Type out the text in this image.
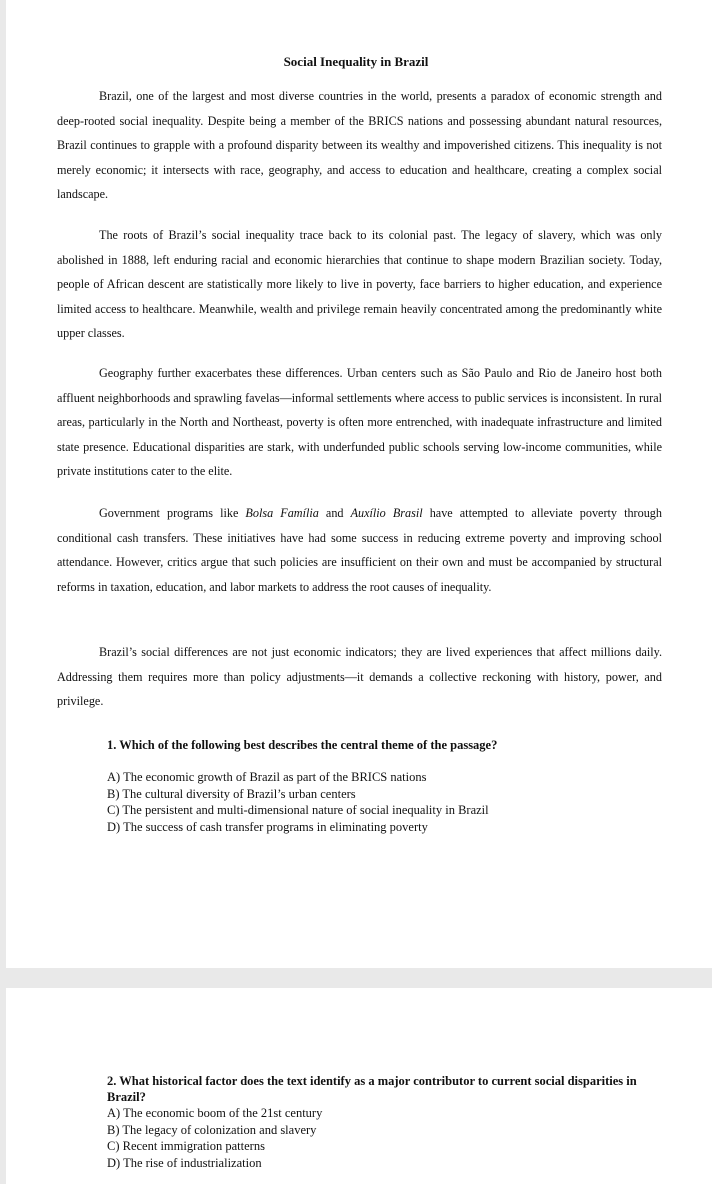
Social Inequality in Brazil

Brazil, one of the largest and most diverse countries in the world, presents a paradox of economic strength and deep-rooted social inequality. Despite being a member of the BRICS nations and possessing abundant natural resources, Brazil continues to grapple with a profound disparity between its wealthy and impoverished citizens. This inequality is not merely economic; it intersects with race, geography, and access to education and healthcare, creating a complex social landscape.

The roots of Brazil’s social inequality trace back to its colonial past. The legacy of slavery, which was only abolished in 1888, left enduring racial and economic hierarchies that continue to shape modern Brazilian society. Today, people of African descent are statistically more likely to live in poverty, face barriers to higher education, and experience limited access to healthcare. Meanwhile, wealth and privilege remain heavily concentrated among the predominantly white upper classes.

Geography further exacerbates these differences. Urban centers such as São Paulo and Rio de Janeiro host both affluent neighborhoods and sprawling favelas—informal settlements where access to public services is inconsistent. In rural areas, particularly in the North and Northeast, poverty is often more entrenched, with inadequate infrastructure and limited state presence. Educational disparities are stark, with underfunded public schools serving low-income communities, while private institutions cater to the elite.

Government programs like Bolsa Família and Auxílio Brasil have attempted to alleviate poverty through conditional cash transfers. These initiatives have had some success in reducing extreme poverty and improving school attendance. However, critics argue that such policies are insufficient on their own and must be accompanied by structural reforms in taxation, education, and labor markets to address the root causes of inequality.

Brazil’s social differences are not just economic indicators; they are lived experiences that affect millions daily. Addressing them requires more than policy adjustments—it demands a collective reckoning with history, power, and privilege.

1. Which of the following best describes the central theme of the passage?

A) The economic growth of Brazil as part of the BRICS nations
B) The cultural diversity of Brazil’s urban centers
C) The persistent and multi-dimensional nature of social inequality in Brazil
D) The success of cash transfer programs in eliminating poverty

2. What historical factor does the text identify as a major contributor to current social disparities in Brazil?

A) The economic boom of the 21st century
B) The legacy of colonization and slavery
C) Recent immigration patterns
D) The rise of industrialization
